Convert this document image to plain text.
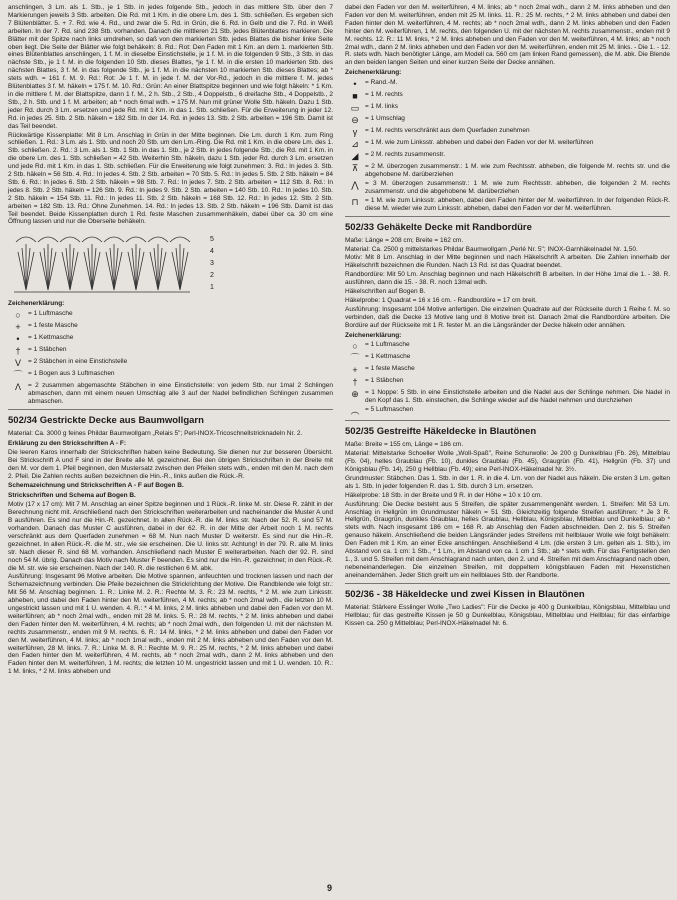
anschlingen, 3 Lm. als 1. Stb., je 1 Stb. in jedes folgende Stb., jedoch in das mittlere Stb. über den 7 Markierungen jeweils 3 Stb. arbeiten. Die Rd. mit 1 Km. in die obere Lm. des 1. Stb. schließen. Es ergeben sich 7 Blütenblätter. 5. + 7. Rd. wie 4. Rd., und zwar die 5. Rd. in Grün, die 6. Rd. in Gelb und die 7. Rd. in Weiß arbeiten. In der 7. Rd. sind 238 Stb. vorhanden. Danach die mittleren 21 Stb. jedes Blütenblattes markieren. Die Blätter mit der Spitze nach links umdrehen, so daß von den markierten Stb. jedes Blattes die bisher linke Seite oben liegt. Die Seite der Blätter wie folgt behäkeln: 8. Rd.: Rot: Den Faden mit 1 Km. an dem 1. markierten Stb. eines Blütenblattes anschlingen, 1 f. M. in dieselbe Einstichstelle, je 1 f. M. in die folgenden 9 Stb., 3 Stb. in das nächste Stb., je 1 f. M. in die folgenden 10 Stb. dieses Blattes, *je 1 f. M. in die ersten 10 markierten Stb. des nächsten Blattes, 3 f. M. in das folgende Stb., je 1 f. M. in die nächsten 10 markierten Stb. dieses Blattes; ab * stets wdh. = 161 f. M. 9. Rd.: Rot: Je 1 f. M. in jede f. M. der Vor-Rd., jedoch in die mittlere f. M. jedes Blütenblattes 3 f. M. häkeln = 175 f. M. 10. Rd.: Grün: An einer Blattspitze beginnen und wie folgt häkeln: * 1 Km. in die mittlere f. M. der Blattspitze, dann 1 f. M., 2 h. Stb., 2 Stb., 4 Doppelstb., 6 dreifache Stb., 4 Doppelstb., 2 Stb., 2 h. Stb. und 1 f. M. arbeiten; ab * noch 6mal wdh. = 175 M. Nun mit grüner Wolle Stb. häkeln. Dazu 1 Stb. jeder Rd. durch 3 Lm. ersetzen und jede Rd. mit 1 Km. in das 1. Stb. schließen. Für die Erweiterung in jeder 12. Rd. in jedes 25. Stb. 2 Stb. häkeln = 182 Stb. In der 14. Rd. in jedes 13. Stb. 2 Stb. arbeiten = 196 Stb. Damit ist das Teil beendet.

Rückwärtige Kissenplatte: Mit 8 Lm. Anschlag in Grün in der Mitte beginnen. Die Lm. durch 1 Km. zum Ring schließen. 1. Rd.: 3 Lm. als 1. Stb. und noch 20 Stb. um den Lm.-Ring. Die Rd. mit 1 Km. in die obere Lm. des 1. Stb. schließen. 2. Rd.: 3 Lm. als 1. Stb. 1 Stb. in das 1. Stb., je 2 Stb. in jedes folgende Stb.; die Rd. mit 1 Km. in die obere Lm. des 1. Stb. schließen = 42 Stb. Weiterhin Stb. häkeln, dazu 1 Stb. jeder Rd. durch 3 Lm. ersetzen und jede Rd. mit 1 Km. in das 1. Stb. schließen. Für die Erweiterung wie folgt zunehmen: 3. Rd.: In jedes 3. Stb. 2 Stb. häkeln = 56 Stb. 4. Rd.: In jedes 4. Stb. 2 Stb. arbeiten = 70 Stb. 5. Rd.: In jedes 5. Stb. 2 Stb. häkeln = 84 Stb. 6. Rd.: In jedes 6. Stb. 2 Stb. häkeln = 98 Stb. 7. Rd.: In jedes 7. Stb. 2 Stb. arbeiten = 112 Stb. 8. Rd.: In jedes 8. Stb. 2 Stb. häkeln = 126 Stb. 9. Rd.: In jedes 9. Stb. 2 Stb. arbeiten = 140 Stb. 10. Rd.: In jedes 10. Stb. 2 Stb. häkeln = 154 Stb. 11. Rd.: In jedes 11. Stb. 2 Stb. häkeln = 168 Stb. 12. Rd.: In jedes 12. Stb. 2 Stb. arbeiten = 182 Stb. 13. Rd.: Ohne Zunehmen. 14. Rd.: In jedes 13. Stb. 2 Stb. häkeln = 196 Stb. Damit ist das Teil beendet. Beide Kissenplatten durch 1 Rd. feste Maschen zusammenhäkeln, dabei über ca. 30 cm eine Öffnung lassen und nur die Oberseite behäkeln.

5
4
3
2
1
Zeichenerklärung:
○	= 1 Luftmasche
+	= 1 feste Masche
•	= 1 Kettmasche
†	= 1 Stäbchen
V	= 2 Stäbchen in eine Einstichstelle
⌒ = 1 Bogen aus 3 Luftmaschen
Λ	= 2 zusammen abgemaschte Stäbchen in eine Einstichstelle: von jedem Stb. nur 1mal 2 Schlingen abmaschen, dann mit einem neuen Umschlag alle 3 auf der Nadel befindlichen Schlingen zusammen abmaschen.
502/34 Gestrickte Decke aus Baumwollgarn

Material: Ca. 3000 g feines Phildar Baumwollgarn „Relais 5"; Perl-INOX-Tricoschnellstricknadeln Nr. 2.

Erklärung zu den Strickschriften A - F:

Die leeren Karos innerhalb der Strickschriften haben keine Bedeutung. Sie dienen nur zur besseren Übersicht. Bei Strickschrift A und F sind in der Breite alle M. gezeichnet. Bei den übrigen Strickschriften in der Breite mit den M. vor dem 1. Pfeil beginnen, den Mustersatz zwischen den Pfeilen stets wdh., enden mit den M. nach dem 2. Pfeil. Die Zahlen rechts außen bezeichnen die Hin.-R., links außen die Rück.-R.

Schemazeichnung und Strickschriften A - F auf Bogen B.
Strickschriften und Schema auf Bogen B.

Motiv (17 x 17 cm): Mit 7 M. Anschlag an einer Spitze beginnen und 1 Rück.-R. linke M. str. Diese R. zählt in der Berechnung nicht mit. Anschließend nach den Strickschriften weiterarbeiten und nacheinander die Muster A und B ausführen. Es sind nur die Hin.-R. gezeichnet. In allen Rück.-R. die M. links str. Nach der 52. R. sind 57 M. vorhanden. Danach das Muster C ausführen, dabei in der 62. R. in der Mitte der Arbeit noch 1 M. rechts verschränkt aus dem Querfaden zunehmen = 68 M. Nun nach Muster D weiterstr. Es sind nur die Hin.-R. gezeichnet. In allen Rück.-R. die M. str., wie sie erscheinen. Die U. links str. Achtung! In der 79. R. alle M. links str. Nach dieser R. sind 68 M. vorhanden. Anschließend nach Muster E weiterarbeiten. Nach der 92. R. sind noch 54 M. übrig. Danach das Motiv nach Muster F beenden. Es sind nur die Hin.-R. gezeichnet; in den Rück.-R. die M. str. wie sie erscheinen. Nach der 140. R. die restlichen 6 M. abk.

Ausführung: Insgesamt 96 Motive arbeiten. Die Motive spannen, anfeuchten und trocknen lassen und nach der Schemazeichnung verbinden. Die Pfeile bezeichnen die Strickrichtung der Motive. Die Randblende wie folgt str.: Mit 56 M. Anschlag beginnen. 1. R.: Linke M. 2. R.: Rechte M. 3. R.: 23 M. rechts, * 2 M. wie zum Linksstr. abheben, und dabei den Faden hinter den M. weiterführen, 4 M. rechts; ab * noch 2mal wdh., die letzten 10 M. ungestrickt lassen und mit 1 U. wenden. 4. R.: * 4 M. links, 2 M. links abheben und dabei den Faden vor den M. weiterführen; ab * noch 2mal wdh., enden mit 28 M. links. 5. R.: 28 M. rechts, * 2 M. links abheben und dabei den Faden hinter den M. weiterführen, 4 M. rechts; ab * noch 2mal wdh., den folgenden U. mit der nächsten M. rechts zusammenstr., enden mit 9 M. rechts. 6. R.: 14 M. links, * 2 M. links abheben und dabei den Faden vor den M. weiterführen, 4 M. links; ab * noch 1mal wdh., enden mit 2 M. links abheben und den Faden vor den M. weiterführen, 28 M. links. 7. R.: Linke M. 8. R.: Rechte M. 9. R.: 25 M. rechts, * 2 M. links abheben und dabei den Faden hinter den M. weiterführen, 4 M. rechts, ab * noch 2mal wdh., dann 2 M. links abheben und den Faden hinter den M. weiterführen, 1 M. rechts; die letzten 10 M. ungestrickt lassen und mit 1 U. wenden. 10. R.: 1 M. links, * 2 M. links abheben und

dabei den Faden vor den M. weiterführen, 4 M. links; ab * noch 2mal wdh., dann 2 M. links abheben und den Faden vor den M. weiterführen, enden mit 25 M. links. 11. R.: 25 M. rechts, * 2 M. links abheben und dabei den Faden hinter den M. weiterführen, 4 M. rechts; ab * noch 2mal wdh., dann 2 M. links abheben und den Faden hinter den M. weiterführen, 1 M. rechts, den folgenden U. mit der nächsten M. rechts zusammenstr., enden mit 9 M. rechts. 12. R.: 11 M. links, * 2 M. links abheben und den Faden vor den M. weiterführen, 4 M. links; ab * noch 2mal wdh., dann 2 M. links abheben und den Faden vor den M. weiterführen, enden mit 25 M. links. - Die 1. - 12. R. stets wdh. Nach benötigter Länge, am Modell ca. 560 cm (am linken Rand gemessen), die M. abk. Die Blende an den beiden langen Seiten und einer kurzen Seite der Decke annähen.

Zeichenerklärung:
•	= Rand.-M.
■	= 1 M. rechts
▭ = 1 M. links
⊖ = 1 Umschlag
γ	= 1 M. rechts verschränkt aus dem Querfaden zunehmen
⊿ = 1 M. wie zum Linksstr. abheben und dabei den Faden vor der M. weiterführen
◢	= 2 M. rechts zusammenstr.
⊼	= 2 M. überzogen zusammenstr.: 1 M. wie zum Rechtsstr. abheben, die folgende M. rechts str. und die abgehobene M. darüberziehen
⋀ = 3 M. überzogen zusammenstr.: 1 M. wie zum Rechtsstr. abheben, die folgenden 2 M. rechts zusammenstr. und die abgehobene M. darüberziehen
⊓ = 1 M. wie zum Linksstr. abheben, dabei den Faden hinter der M. weiterführen. In der folgenden Rück-R. diese M. wieder wie zum Linksstr. abheben, dabei den Faden vor der M. weiterführen.
502/33 Gehäkelte Decke mit Randbordüre

Maße: Länge = 208 cm; Breite = 162 cm.

Material: Ca. 2500 g mittelstarkes Phildar Baumwollgarn „Perlé Nr. 5"; INOX-Garnhäkelnadel Nr. 1,50.

Motiv: Mit 8 Lm. Anschlag in der Mitte beginnen und nach Häkelschrift A arbeiten. Die Zahlen innerhalb der Häkelschrift bezeichnen die Runden. Nach 13 Rd. ist das Quadrat beendet.

Randbordüre: Mit 50 Lm. Anschlag beginnen und nach Häkelschrift B arbeiten. In der Höhe 1mal die 1. - 38. R. ausführen, dann die 15. - 38. R. noch 13mal wdh.

Häkelschriften auf Bogen B.

Häkelprobe: 1 Quadrat = 16 x 16 cm. - Randbordüre = 17 cm breit.

Ausführung: Insgesamt 104 Motive anfertigen. Die einzelnen Quadrate auf der Rückseite durch 1 Reihe f. M. so verbinden, daß die Decke 13 Motive lang und 8 Motive breit ist. Danach 2mal die Randbordüre arbeiten. Die Bordüre auf der Rückseite mit 1 R. fester M. an die Längsränder der Decke häkeln oder annähen.

Zeichenerklärung:
○	= 1 Luftmasche
⌒ = 1 Kettmasche
+	= 1 feste Masche
†	= 1 Stäbchen
⊕ = 1 Noppe: 5 Stb. in eine Einstichstelle arbeiten und die Nadel aus der Schlinge nehmen. Die Nadel in den Kopf das 1. Stb. einstechen, die Schlinge wieder auf die Nadel nehmen und durchziehen
︵ = 5 Luftmaschen
502/35 Gestreifte Häkeldecke in Blautönen

Maße: Breite = 155 cm, Länge = 186 cm.

Material: Mittelstarke Schoeller Wolle „Woll-Spaß", Reine Schurwolle: Je 200 g Dunkelblau (Fb. 26), Mittelblau (Fb. 04), helles Graublau (Fb. 10), dunkles Graublau (Fb. 45), Graugrün (Fb. 41), Hellgrün (Fb. 37) und Königsblau (Fb. 14), 250 g Hellblau (Fb. 49); eine Perl-INOX-Häkelnadel Nr. 3½.

Grundmuster: Stäbchen. Das 1. Stb. in der 1. R. in die 4. Lm. von der Nadel aus häkeln. Die ersten 3 Lm. gelten als 1. Stb. In jeder folgenden R. das 1. Stb. durch 3 Lm. ersetzen.

Häkelprobe: 18 Stb. in der Breite und 9 R. in der Höhe = 10 x 10 cm.

Ausführung: Die Decke besteht aus 5 Streifen, die später zusammengenäht werden. 1. Streifen: Mit 53 Lm. Anschlag in Hellgrün im Grundmuster häkeln = 51 Stb. Gleichzeitig folgende Streifen ausführen: * Je 3 R. Hellgrün, Graugrün, dunkles Graublau, helles Graublau, Hellblau, Königsblau, Mittelblau und Dunkelblau; ab * stets wdh. Nach insgesamt 186 cm = 168 R. ab Anschlag den Faden abschneiden. Den 2. bis 5. Streifen genauso häkeln. Anschließend die beiden Längsränder jedes Streifens mit hellblauer Wolle wie folgt behäkeln: Den Faden mit 1 Km. an einer Ecke anschlingen. Anschließend 4 Lm. (die ersten 3 Lm. gelten als 1. Stb.), im Abstand von ca. 1 cm: 1 Stb., * 1 Lm., im Abstand von ca. 1 cm 1 Stb.; ab * stets wdh. Für das Fertigstellen den 1., 3. und 5. Streifen mit dem Anschlagrand nach unten, den 2. und 4. Streifen mit dem Anschlagrand nach oben, nebeneinanderlegen. Die einzelnen Streifen, mit doppeltem königsblauen Faden mit Hexenstichen aneinandernähen. Jeder Stich greift um ein hellblaues Stb. der Randborte.

502/36 - 38 Häkeldecke und zwei Kissen in Blautönen

Material: Stärkere Esslinger Wolle „Two Ladies": Für die Decke je 400 g Dunkelblau, Königsblau, Mittelblau und Hellblau; für das gestreifte Kissen je 50 g Dunkelblau, Königsblau, Mittelblau und Hellblau; für das einfarbige Kissen ca. 250 g Mittelblau; Perl-INOX-Häkelnadel Nr. 6.

9
